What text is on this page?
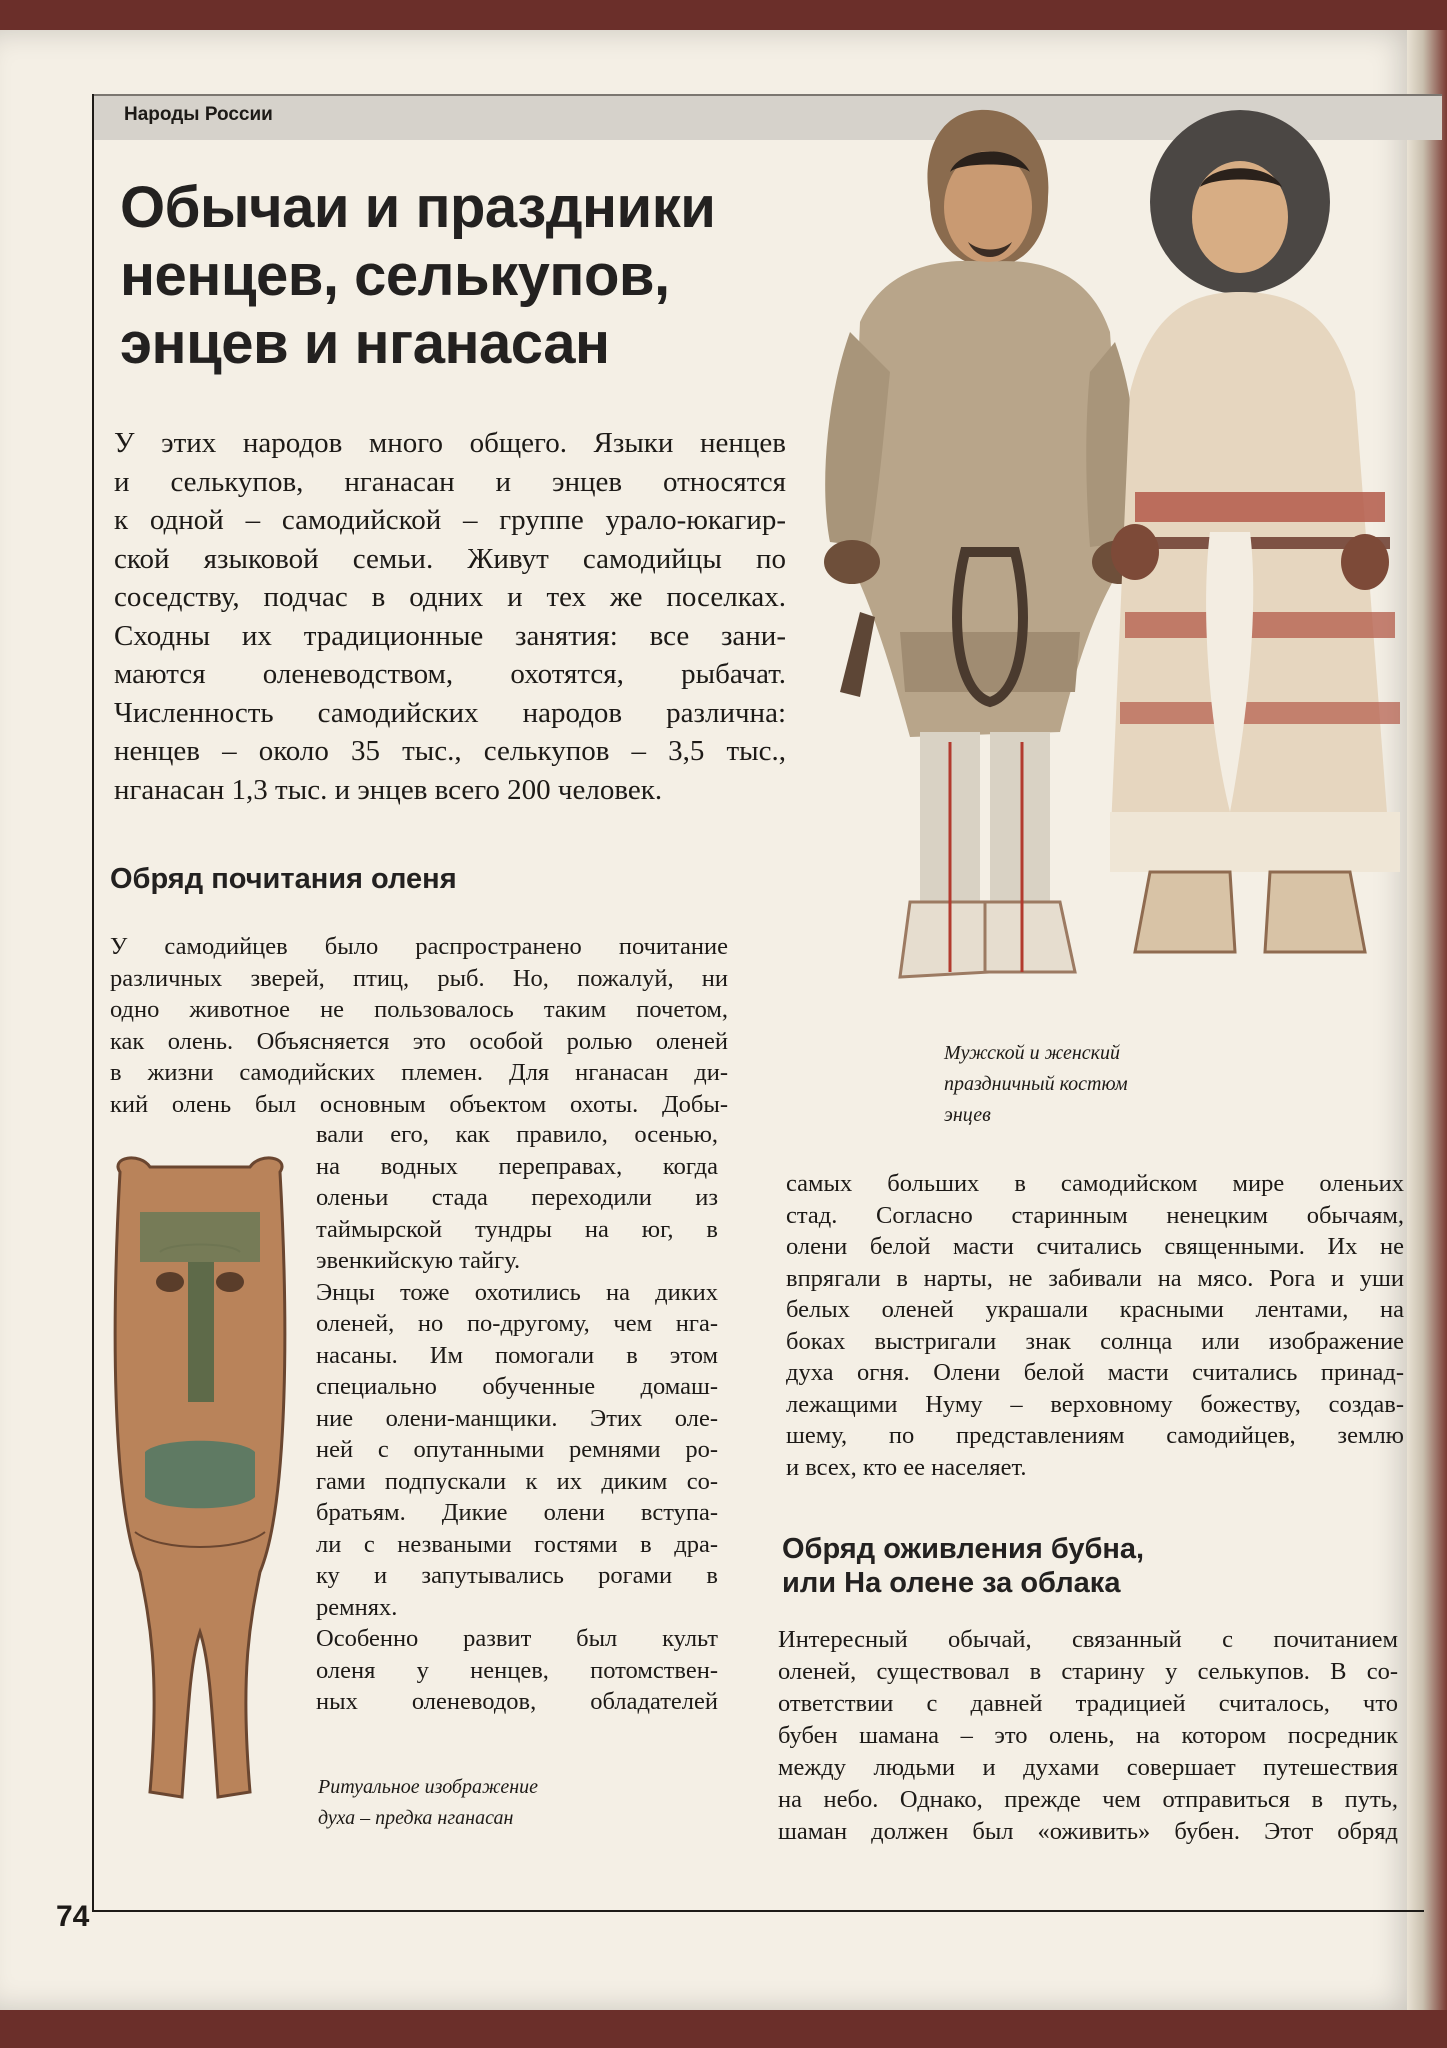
Народы России
Обычаи и праздники
ненцев, селькупов,
энцев и нганасан
У этих народов много общего. Языки ненцев
и селькупов, нганасан и энцев относятся
к одной – самодийской – группе урало-юкагир-
ской языковой семьи. Живут самодийцы по
соседству, подчас в одних и тех же поселках.
Сходны их традиционные занятия: все зани-
маются оленеводством, охотятся, рыбачат.
Численность самодийских народов различна:
ненцев – около 35 тыс., селькупов – 3,5 тыс.,
нганасан 1,3 тыс. и энцев всего 200 человек.
Обряд почитания оленя
У самодийцев было распространено почитание
различных зверей, птиц, рыб. Но, пожалуй, ни
одно животное не пользовалось таким почетом,
как олень. Объясняется это особой ролью оленей
в жизни самодийских племен. Для нганасан ди-
кий олень был основным объектом охоты. Добы-
вали его, как правило, осенью,
на водных переправах, когда
оленьи стада переходили из
таймырской тундры на юг, в
эвенкийскую тайгу.
Энцы тоже охотились на диких
оленей, но по-другому, чем нга-
насаны. Им помогали в этом
специально обученные домаш-
ние олени-манщики. Этих оле-
ней с опутанными ремнями ро-
гами подпускали к их диким со-
братьям. Дикие олени вступа-
ли с незваными гостями в дра-
ку и запутывались рогами в
ремнях.
Особенно развит был культ
оленя у ненцев, потомствен-
ных оленеводов, обладателей
самых больших в самодийском мире оленьих
стад. Согласно старинным ненецким обычаям,
олени белой масти считались священными. Их не
впрягали в нарты, не забивали на мясо. Рога и уши
белых оленей украшали красными лентами, на
боках выстригали знак солнца или изображение
духа огня. Олени белой масти считались принад-
лежащими Нуму – верховному божеству, создав-
шему, по представлениям самодийцев, землю
и всех, кто ее населяет.
Обряд оживления бубна,
или На олене за облака
Интересный обычай, связанный с почитанием
оленей, существовал в старину у селькупов. В со-
ответствии с давней традицией считалось, что
бубен шамана – это олень, на котором посредник
между людьми и духами совершает путешествия
на небо. Однако, прежде чем отправиться в путь,
шаман должен был «оживить» бубен. Этот обряд
Мужской и женский
праздничный костюм
энцев
Ритуальное изображение
духа – предка нганасан
74
